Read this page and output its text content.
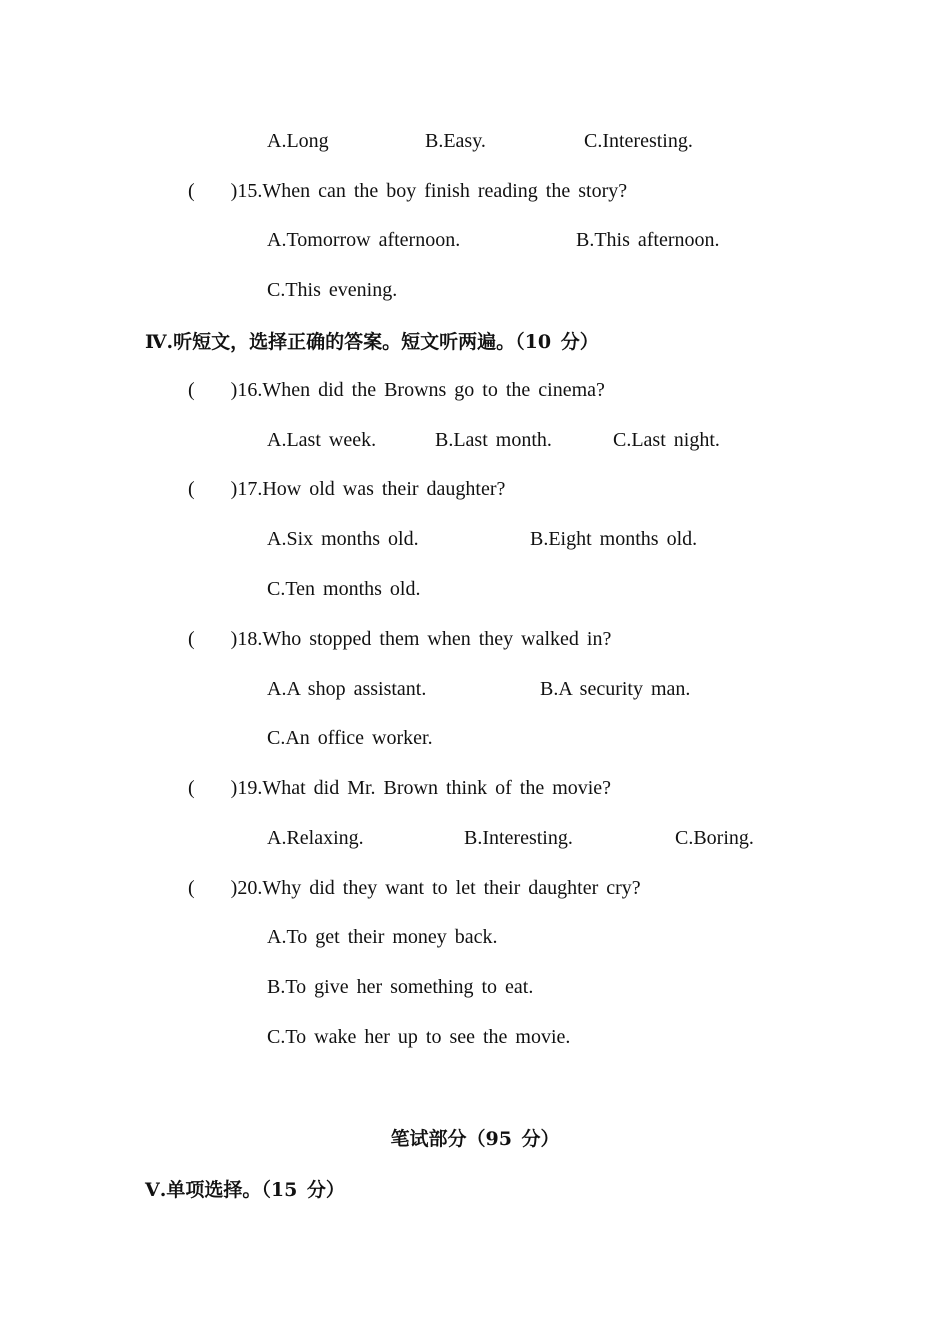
A.Long	B.Easy.	C.Interesting.
( )15.When can the boy finish reading the story?
A.Tomorrow afternoon.	B.This afternoon.
C.This evening.
Ⅳ.听短文，选择正确的答案。短文听两遍。（10 分）
( )16.When did the Browns go to the cinema?
A.Last week.	B.Last month.	C.Last night.
( )17.How old was their daughter?
A.Six months old.	B.Eight months old.
C.Ten months old.
( )18.Who stopped them when they walked in?
A.A shop assistant.	B.A security man.
C.An office worker.
( )19.What did Mr. Brown think of the movie?
A.Relaxing.	B.Interesting.	C.Boring.
( )20.Why did they want to let their daughter cry?
A.To get their money back.
B.To give her something to eat.
C.To wake her up to see the movie.
笔试部分（95 分）
Ⅴ.单项选择。（15 分）
